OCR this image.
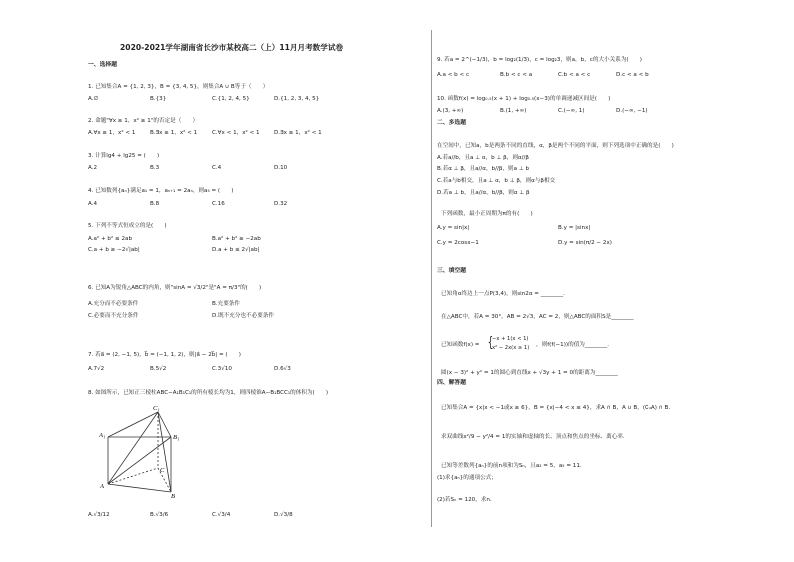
2020-2021学年湖南省长沙市某校高二（上）11月月考数学试卷
一、选择题
1. 已知集合A = {1, 2, 3}，B = {3, 4, 5}，则集合A ∪ B等于（　　）
A.∅	B.{3}	C.{1, 2, 4, 5}	D.{1, 2, 3, 4, 5}
2. 命题"∀x ≥ 1，x² ≥ 1"的否定是（　　）
A.∀x ≥ 1，x² < 1	B.∃x ≥ 1，x² < 1	C.∀x < 1，x² < 1	D.∃x ≥ 1，x² < 1
3. 计算lg4 + lg25 = (　　)
A.2	B.3	C.4	D.10
4. 已知数列{aₙ}满足a₁ = 1，aₙ₊₁ = 2aₙ，则a₅ = (　　)
A.4	B.8	C.16	D.32
5. 下列不等式恒成立的是(　　)
A.a² + b² ≤ 2ab	B.a² + b² ≥ −2ab
C.a + b ≥ −2√|ab|	D.a + b ≤ 2√|ab|
6. 已知A为锐角△ABC的内角，则"sinA = √3/2"是"A = π/3"的(　　)
A.充分而不必要条件	B.充要条件
C.必要而不充分条件	D.既不充分也不必要条件
7. 若a⃗ = (2, −1, 5)，b⃗ = (−1, 1, 2)，则|a⃗ − 2b⃗| = (　　)
A.7√2	B.5√2	C.3√10	D.6√3
8. 如图所示，已知正三棱柱ABC−A₁B₁C₁的所有棱长均为1，则四棱锥A−B₁BCC₁的体积为(　　)
C₁
A₁	B₁
C
A
B
A.√3/12	B.√3/6	C.√3/4	D.√3/8
9. 若a = 2^(−1/3)，b = log₂(1/3)，c = log₂3，则a，b，c的大小关系为(　　)
A.a < b < c	B.b < c < a	C.b < a < c	D.c < a < b
10. 函数f(x) = log₀.₅(x + 1) + log₀.₅(x−3)的单调递减区间是(　　)
A.(3, +∞)	B.(1, +∞)	C.(−∞, 1)	D.(−∞, −1)
二、多选题
在空间中，已知a，b是两条不同的直线，α，β是两个不同的平面，则下列选项中正确的是(　　)
A.若a//b，且a ⊥ α，b ⊥ β，则α//β
B.若α ⊥ β，且a//α，b//β，则a ⊥ b
C.若a与b相交，且a ⊥ α，b ⊥ β，则α与β相交
D.若a ⊥ b，且a//α，b//β，则α ⊥ β
下列函数，最小正周期为π的有(　　)
A.y = sin|x|	B.y = |sinx|
C.y = 2cosx−1	D.y = sin(π/2 − 2x)
三、填空题
已知角α终边上一点P(3,4)，则sin2α = ________．
在△ABC中，若A = 30°，AB = 2√3，AC = 2，则△ABC的面积S是________
已知函数f(x) = {
−x + 1(x < 1)
x² − 2x(x ≥ 1) ，则f(f(−1))的值为________．
圆(x − 3)² + y² = 1的圆心到直线x + √3y + 1 = 0的距离为________
四、解答题
已知集合A = {x|x < −1或x ≥ 6}，B = {x|−4 < x ≤ 4}，求A ∩ B，A ∪ B，(∁ᵤA) ∩ B．
求双曲线x²/9 − y²/4 = 1的实轴和虚轴的长、顶点和焦点的坐标、离心率．
已知等差数列{aₙ}的前n项和为Sₙ，且a₂ = 5，a₅ = 11．
(1)求{aₙ}的通项公式；
(2)若Sₙ = 120，求n．
